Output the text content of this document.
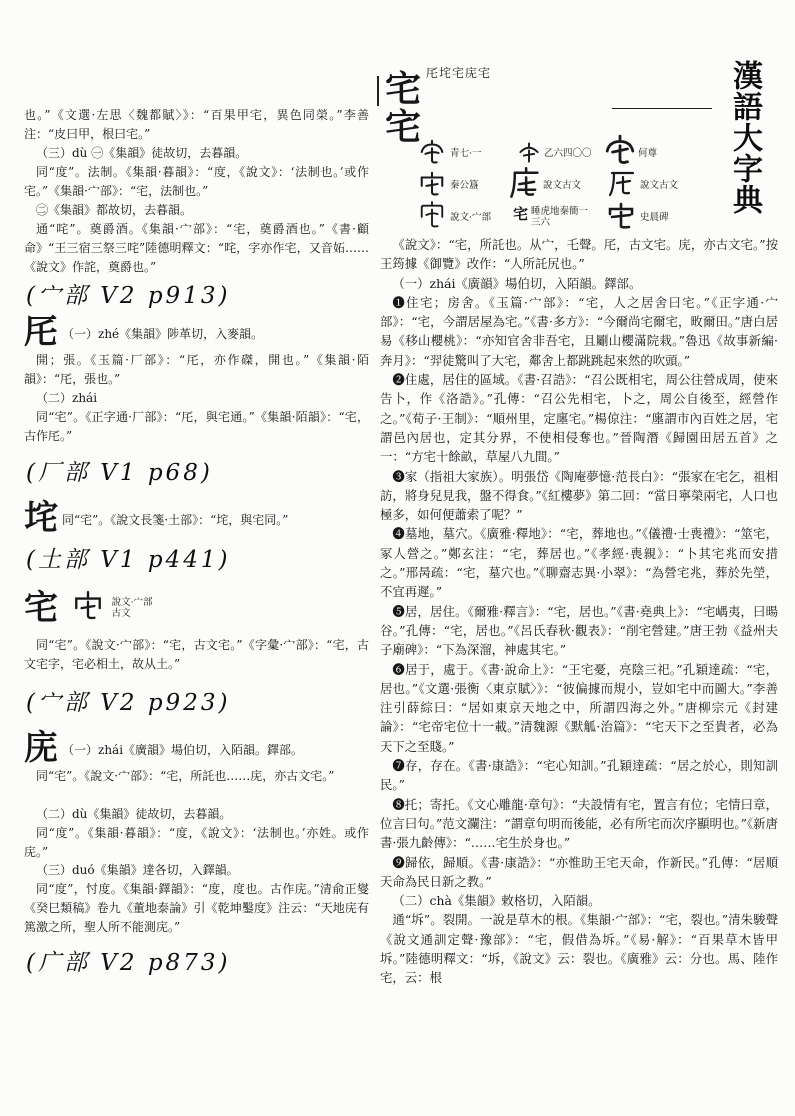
也。”《文選·左思〈魏都賦〉》：“百果甲宅，異色同榮。”李善注：“皮曰甲，根曰宅。”
（三）dù ㊀《集韻》徒故切，去暮韻。
同“度”。法制。《集韻·暮韻》：“度，《說文》：‘法制也。’或作宅。”《集韻·宀部》：“宅，法制也。”
㊁《集韻》都故切，去暮韻。
通“咤”。奠爵酒。《集韻·宀部》：“宅，奠爵酒也。”《書·顧命》“王三宿三祭三咤”陸德明釋文：“咤，字亦作宅，又音妬……《說文》作詫，奠爵也。”
(宀部 V2 p913)
厇 （一）zhé《集韻》陟革切，入麥韻。
開；張。《玉篇·厂部》：“厇，亦作磔，開也。”《集韻·陌韻》：“厇，張也。”
（二）zhái
同“宅”。《正字通·厂部》：“厇，與宅通。”《集韻·陌韻》：“宅，古作厇。”
(厂部 V1 p68)
垞同“宅”。《說文長箋·土部》：“垞，與宅同。”
(土部 V1 p441)
宅	說文·宀部
古文
同“宅”。《說文·宀部》：“宅，古文宅。”《字彙·宀部》：“宅，古文宅字，宅必相土，故从土。”
(宀部 V2 p923)
庑 （一）zhái《廣韻》場伯切，入陌韻。鐸部。
同“宅”。《說文·宀部》：“宅，所託也……庑，亦古文宅。”
（二）dù《集韻》徒故切，去暮韻。
同“度”。《集韻·暮韻》：“度，《說文》：‘法制也。’亦姓。或作庑。”
（三）duó《集韻》達各切，入鐸韻。
同“度”，忖度。《集韻·鐸韻》：“度，度也。古作庑。”清俞正燮《癸巳類稿》卷九《董地泰論》引《乾坤鑿度》注云：“天地庑有篤激之所，聖人所不能測庑。”
(广部 V2 p873)
宅 厇垞宅庑宅
宅
青七·一	乙六四〇〇	何尊
秦公簋	說文古文	說文古文
說文·宀部 宅 睡虎地秦簡一三六	史晨碑
漢語大字典

《說文》：“宅，所託也。从宀，乇聲。厇，古文宅。庑，亦古文宅。”按王筠據《御覽》改作：“人所託尻也。”

（一）zhái《廣韻》場伯切，入陌韻。鐸部。

❶住宅；房舍。《玉篇·宀部》：“宅，人之居舍曰宅。”《正字通·宀部》：“宅，今謂居屋為宅。”《書·多方》：“今爾尚宅爾宅，畋爾田。”唐白居易《移山櫻桃》：“亦知官舍非吾宅，且劚山櫻滿院栽。”魯迅《故事新編·奔月》：“羿徒驚叫了大宅，鄰舍上都跳跳起來然的吹頭。”

❷住處，居住的區域。《書·召誥》：“召公既相宅，周公往營成周，使來告卜，作《洛誥》。”孔傳：“召公先相宅，卜之，周公自後至，經營作之。”《荀子·王制》：“順州里，定廛宅。”楊倞注：“廛謂市內百姓之居，宅謂邑內居也，定其分界，不使相侵奪也。”晉陶潛《歸園田居五首》之一：“方宅十餘畝，草屋八九間。”

❸家（指祖大家族）。明張岱《陶庵夢憶·范長白》：“張家在宅乞，祖相訪，將身兒見我，盤不得食。”《紅樓夢》第二回：“當日寧榮兩宅，人口也極多，如何便蕭索了呢？”

❹墓地，墓穴。《廣雅·釋地》：“宅，葬地也。”《儀禮·士喪禮》：“筮宅，冢人營之。”鄭玄注：“宅，葬居也。”《孝經·喪親》：“卜其宅兆而安措之。”邢昺疏：“宅，墓穴也。”《聊齋志異·小翠》：“為營宅兆，葬於先塋，不宜再遲。”

❺居，居住。《爾雅·釋言》：“宅，居也。”《書·堯典上》：“宅嵎夷，曰暘谷。”孔傳：“宅，居也。”《呂氏春秋·觀表》：“削宅營建。”唐王勃《益州夫子廟碑》：“下為深溜，神處其宅。”

❻居于，處于。《書·說命上》：“王宅憂，亮陰三祀。”孔穎達疏：“宅，居也。”《文選·張衡〈東京賦〉》：“彼偏據而規小，豈如宅中而圖大。”李善注引薛綜曰：“居如東京天地之中，所謂四海之外。”唐柳宗元《封建論》：“宅帝宅位十一載。”清魏源《默觚·治篇》：“宅天下之至貴者，必為天下之至賤。”

❼存，存在。《書·康誥》：“宅心知訓。”孔穎達疏：“居之於心，則知訓民。”

❽托；寄托。《文心雕龍·章句》：“夫設情有宅，置言有位；宅情曰章，位言曰句。”范文瀾注：“謂章句明而後能，必有所宅而次序顯明也。”《新唐書·張九齡傳》：“……宅生於身也。”

❾歸依，歸順。《書·康誥》：“亦惟助王宅天命，作新民。”孔傳：“居順天命為民日新之教。”

（二）chà《集韻》敕格切，入陌韻。

通“坼”。裂開。一說是草木的根。《集韻·宀部》：“宅，裂也。”清朱駿聲《說文通訓定聲·豫部》：“宅，假借為坼。”《易·解》：“百果草木皆甲坼。”陸德明釋文：“坼，《說文》云：裂也。《廣雅》云：分也。馬、陸作宅，云：根
